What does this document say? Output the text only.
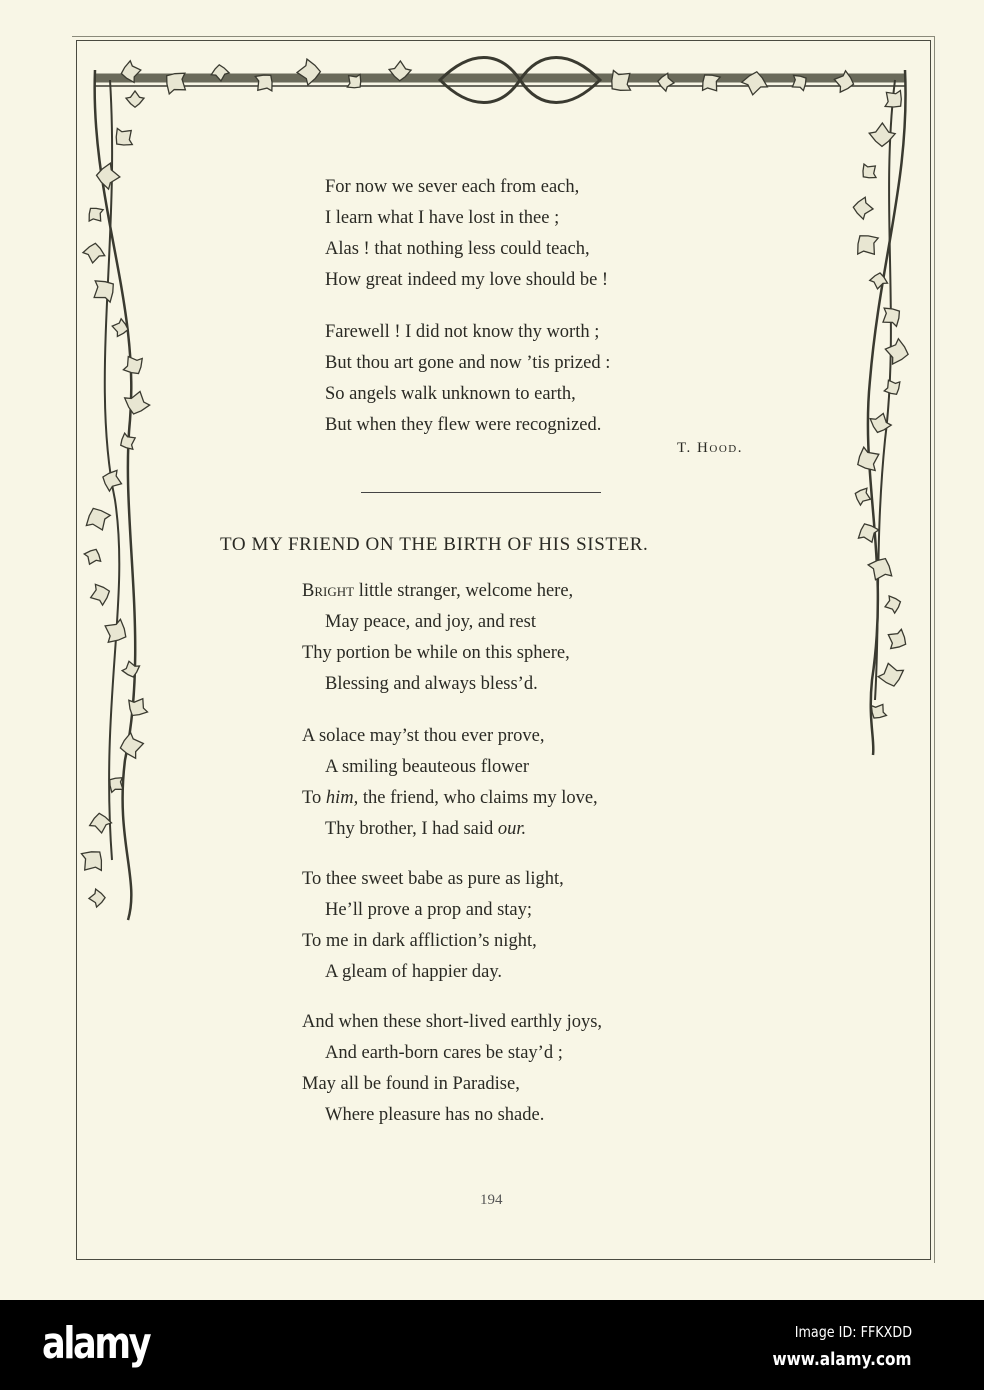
For now we sever each from each,
I learn what I have lost in thee ;
Alas ! that nothing less could teach,
How great indeed my love should be !
Farewell ! I did not know thy worth ;
But thou art gone and now ’tis prized :
So angels walk unknown to earth,
But when they flew were recognized.
T. Hood.
TO MY FRIEND ON THE BIRTH OF HIS SISTER.
Bright little stranger, welcome here,
May peace, and joy, and rest
Thy portion be while on this sphere,
Blessing and always bless’d.
A solace may’st thou ever prove,
A smiling beauteous flower
To him, the friend, who claims my love,
Thy brother, I had said our.
To thee sweet babe as pure as light,
He’ll prove a prop and stay;
To me in dark affliction’s night,
A gleam of happier day.
And when these short-lived earthly joys,
And earth-born cares be stay’d ;
May all be found in Paradise,
Where pleasure has no shade.
194
alamy	Image ID: FFKXDD
www.alamy.com
